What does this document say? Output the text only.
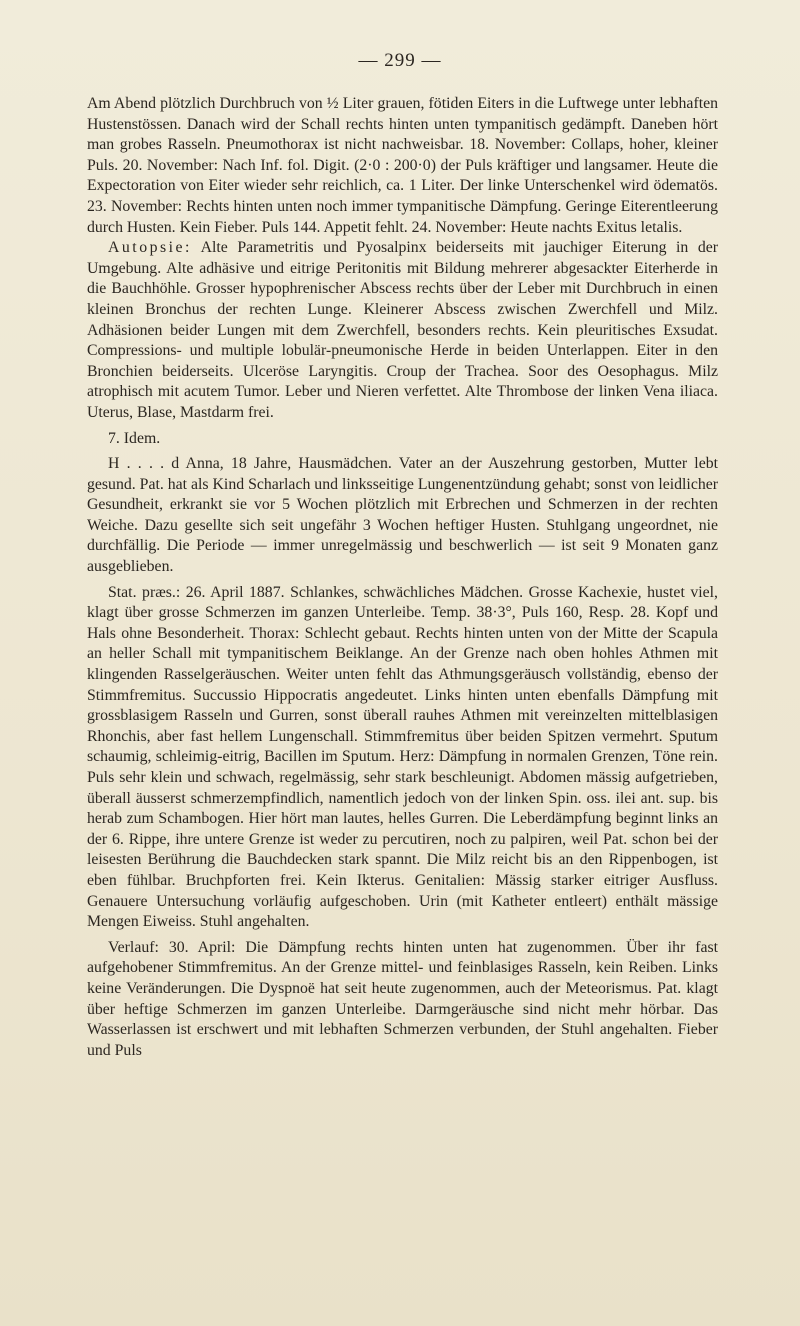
— 299 —

Am Abend plötzlich Durchbruch von ½ Liter grauen, fötiden Eiters in die Luftwege unter lebhaften Hustenstössen. Danach wird der Schall rechts hinten unten tympanitisch gedämpft. Daneben hört man grobes Rasseln. Pneumothorax ist nicht nachweisbar. 18. November: Collaps, hoher, kleiner Puls. 20. November: Nach Inf. fol. Digit. (2·0 : 200·0) der Puls kräftiger und langsamer. Heute die Expectoration von Eiter wieder sehr reichlich, ca. 1 Liter. Der linke Unterschenkel wird ödematös. 23. November: Rechts hinten unten noch immer tympanitische Dämpfung. Geringe Eiterentleerung durch Husten. Kein Fieber. Puls 144. Appetit fehlt. 24. November: Heute nachts Exitus letalis.

Autopsie: Alte Parametritis und Pyosalpinx beiderseits mit jauchiger Eiterung in der Umgebung. Alte adhäsive und eitrige Peritonitis mit Bildung mehrerer abgesackter Eiterherde in die Bauchhöhle. Grosser hypophrenischer Abscess rechts über der Leber mit Durchbruch in einen kleinen Bronchus der rechten Lunge. Kleinerer Abscess zwischen Zwerchfell und Milz. Adhäsionen beider Lungen mit dem Zwerchfell, besonders rechts. Kein pleuritisches Exsudat. Compressions- und multiple lobulär-pneumonische Herde in beiden Unterlappen. Eiter in den Bronchien beiderseits. Ulceröse Laryngitis. Croup der Trachea. Soor des Oesophagus. Milz atrophisch mit acutem Tumor. Leber und Nieren verfettet. Alte Thrombose der linken Vena iliaca. Uterus, Blase, Mastdarm frei.

7. Idem.

H . . . . d Anna, 18 Jahre, Hausmädchen. Vater an der Auszehrung gestorben, Mutter lebt gesund. Pat. hat als Kind Scharlach und linksseitige Lungenentzündung gehabt; sonst von leidlicher Gesundheit, erkrankt sie vor 5 Wochen plötzlich mit Erbrechen und Schmerzen in der rechten Weiche. Dazu gesellte sich seit ungefähr 3 Wochen heftiger Husten. Stuhlgang ungeordnet, nie durchfällig. Die Periode — immer unregelmässig und beschwerlich — ist seit 9 Monaten ganz ausgeblieben.

Stat. præs.: 26. April 1887. Schlankes, schwächliches Mädchen. Grosse Kachexie, hustet viel, klagt über grosse Schmerzen im ganzen Unterleibe. Temp. 38·3°, Puls 160, Resp. 28. Kopf und Hals ohne Besonderheit. Thorax: Schlecht gebaut. Rechts hinten unten von der Mitte der Scapula an heller Schall mit tympanitischem Beiklange. An der Grenze nach oben hohles Athmen mit klingenden Rasselgeräuschen. Weiter unten fehlt das Athmungsgeräusch vollständig, ebenso der Stimmfremitus. Succussio Hippocratis angedeutet. Links hinten unten ebenfalls Dämpfung mit grossblasigem Rasseln und Gurren, sonst überall rauhes Athmen mit vereinzelten mittelblasigen Rhonchis, aber fast hellem Lungenschall. Stimmfremitus über beiden Spitzen vermehrt. Sputum schaumig, schleimig-eitrig, Bacillen im Sputum. Herz: Dämpfung in normalen Grenzen, Töne rein. Puls sehr klein und schwach, regelmässig, sehr stark beschleunigt. Abdomen mässig aufgetrieben, überall äusserst schmerzempfindlich, namentlich jedoch von der linken Spin. oss. ilei ant. sup. bis herab zum Schambogen. Hier hört man lautes, helles Gurren. Die Leberdämpfung beginnt links an der 6. Rippe, ihre untere Grenze ist weder zu percutiren, noch zu palpiren, weil Pat. schon bei der leisesten Berührung die Bauchdecken stark spannt. Die Milz reicht bis an den Rippenbogen, ist eben fühlbar. Bruchpforten frei. Kein Ikterus. Genitalien: Mässig starker eitriger Ausfluss. Genauere Untersuchung vorläufig aufgeschoben. Urin (mit Katheter entleert) enthält mässige Mengen Eiweiss. Stuhl angehalten.

Verlauf: 30. April: Die Dämpfung rechts hinten unten hat zugenommen. Über ihr fast aufgehobener Stimmfremitus. An der Grenze mittel- und feinblasiges Rasseln, kein Reiben. Links keine Veränderungen. Die Dyspnoë hat seit heute zugenommen, auch der Meteorismus. Pat. klagt über heftige Schmerzen im ganzen Unterleibe. Darmgeräusche sind nicht mehr hörbar. Das Wasserlassen ist erschwert und mit lebhaften Schmerzen verbunden, der Stuhl angehalten. Fieber und Puls
